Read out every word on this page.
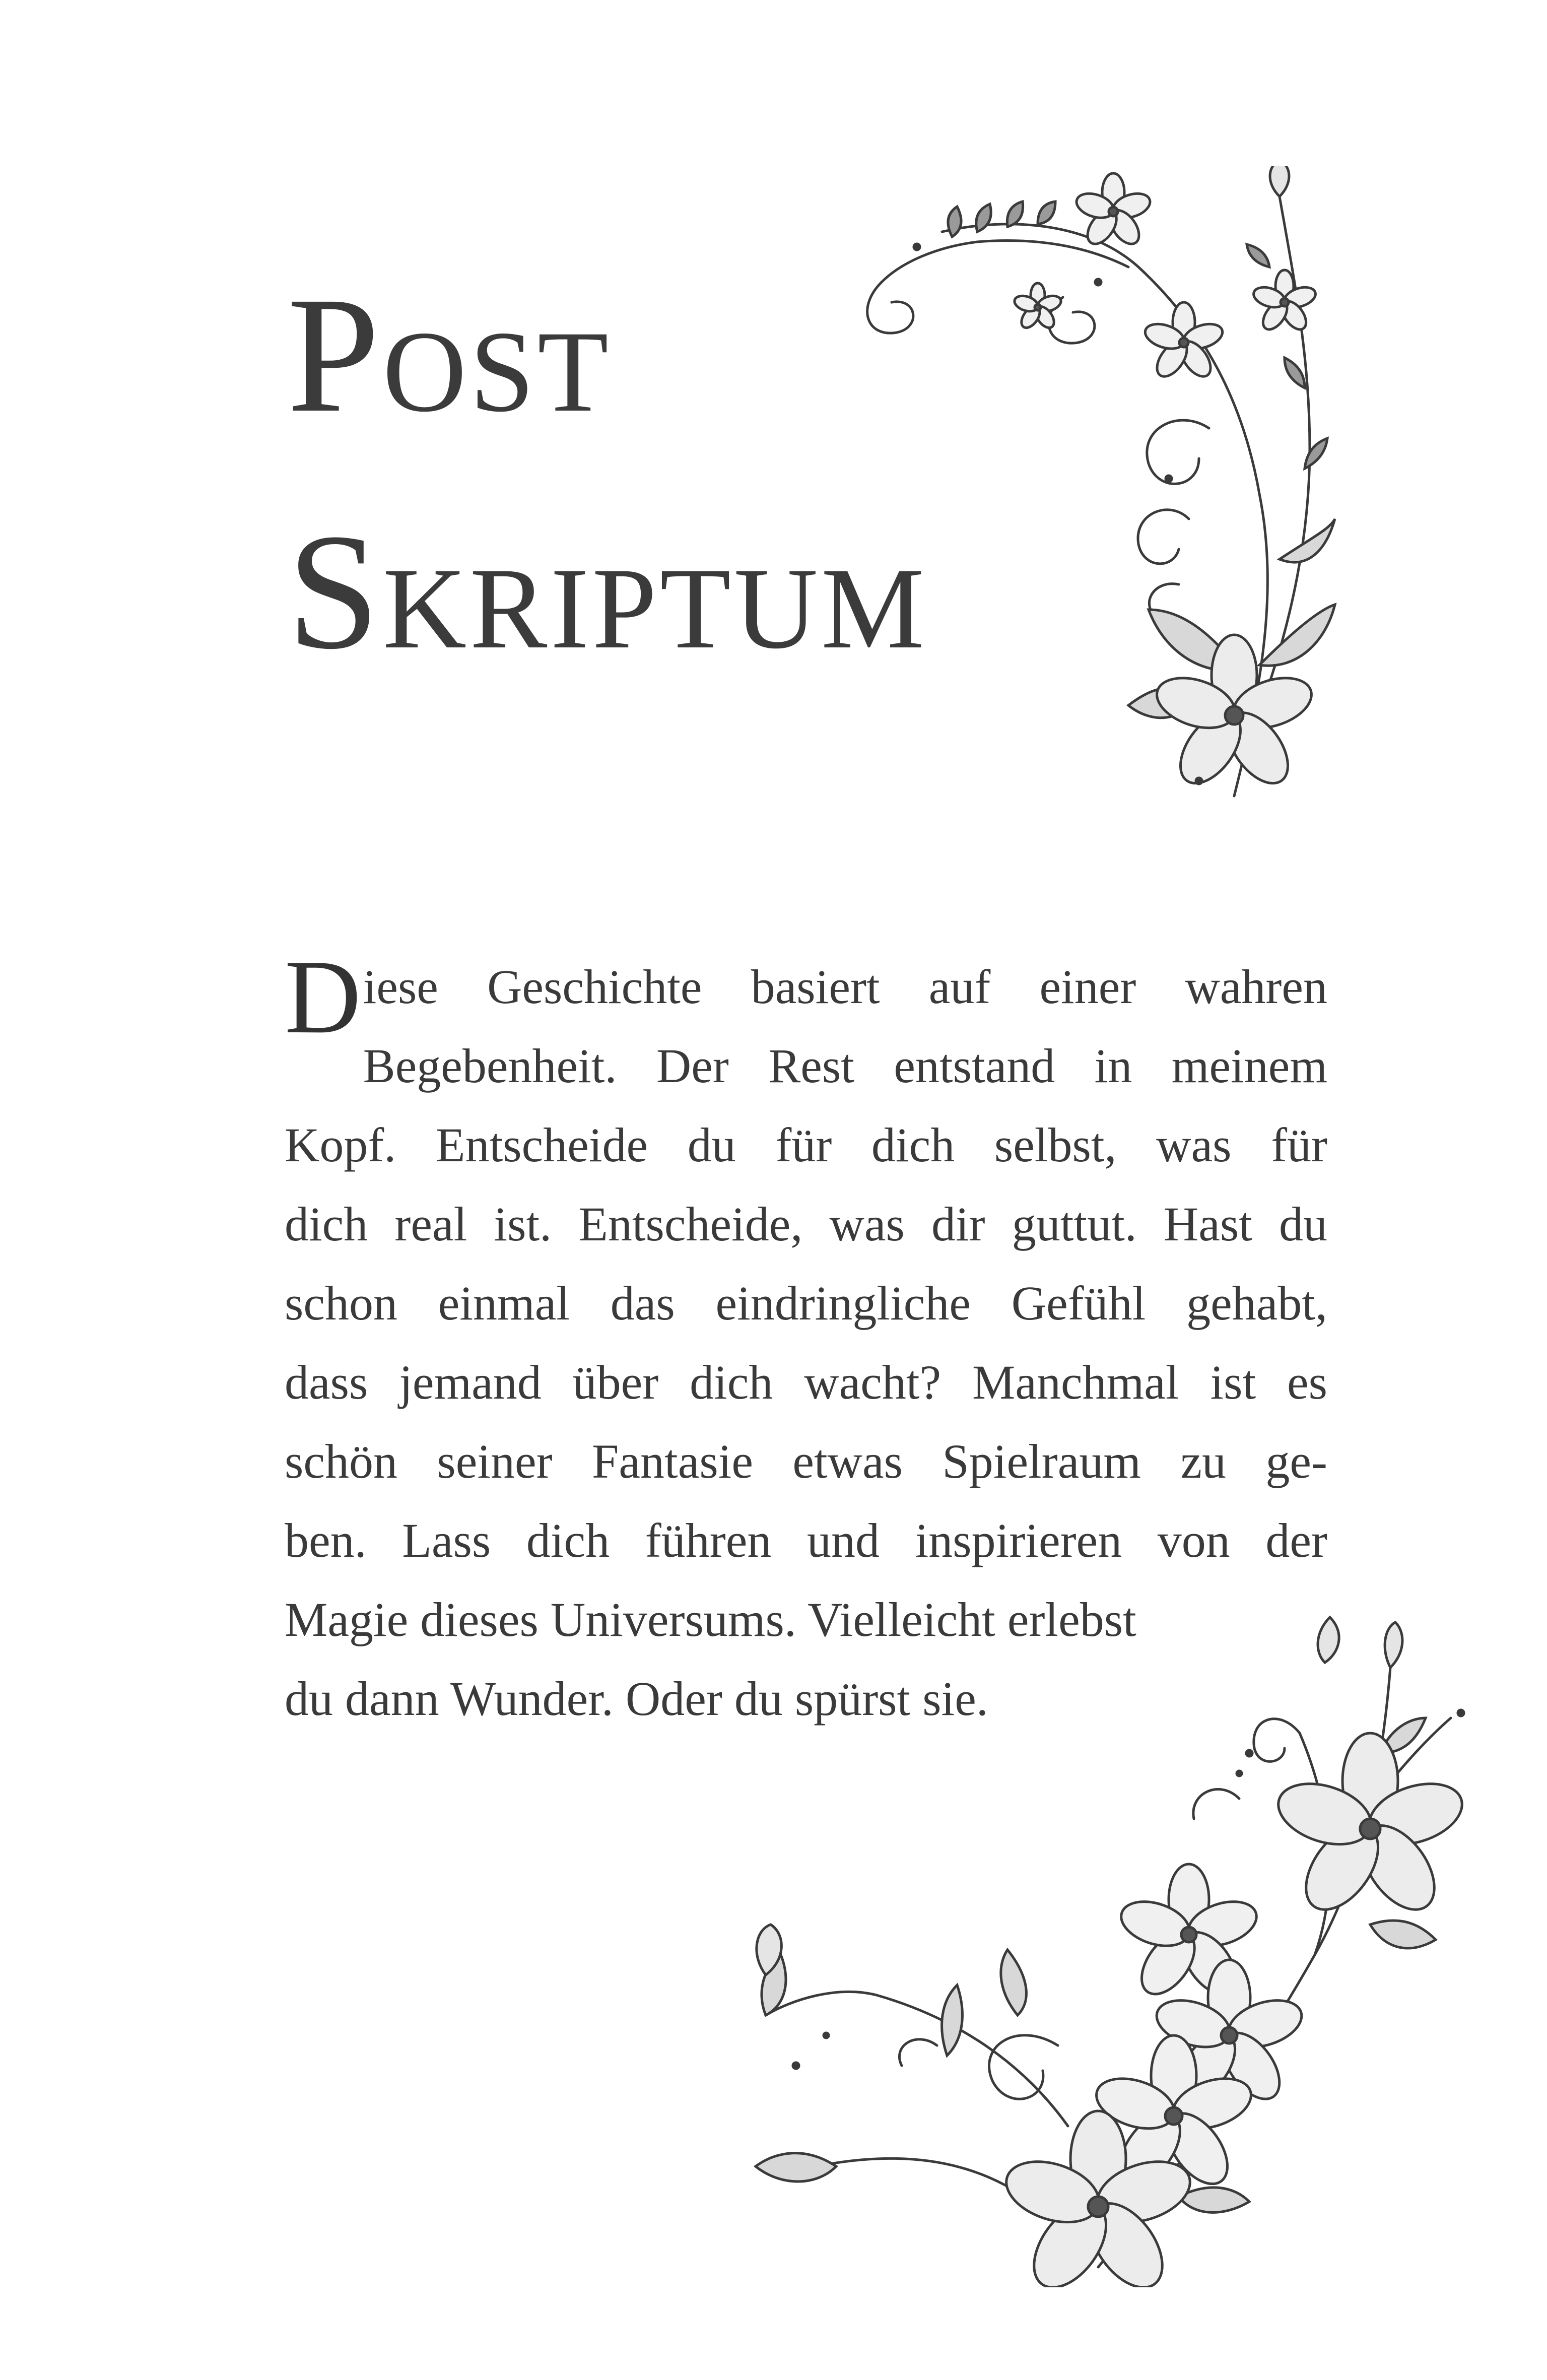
Post
Skriptum

D iese Geschichte basiert auf einer wahren
Begebenheit. Der Rest entstand in meinem
Kopf. Entscheide du für dich selbst, was für
dich real ist. Entscheide, was dir guttut. Hast du
schon einmal das eindringliche Gefühl gehabt,
dass jemand über dich wacht? Manchmal ist es
schön seiner Fantasie etwas Spielraum zu ge-
ben. Lass dich führen und inspirieren von der
Magie dieses Universums. Vielleicht erlebst
du dann Wunder. Oder du spürst sie.
